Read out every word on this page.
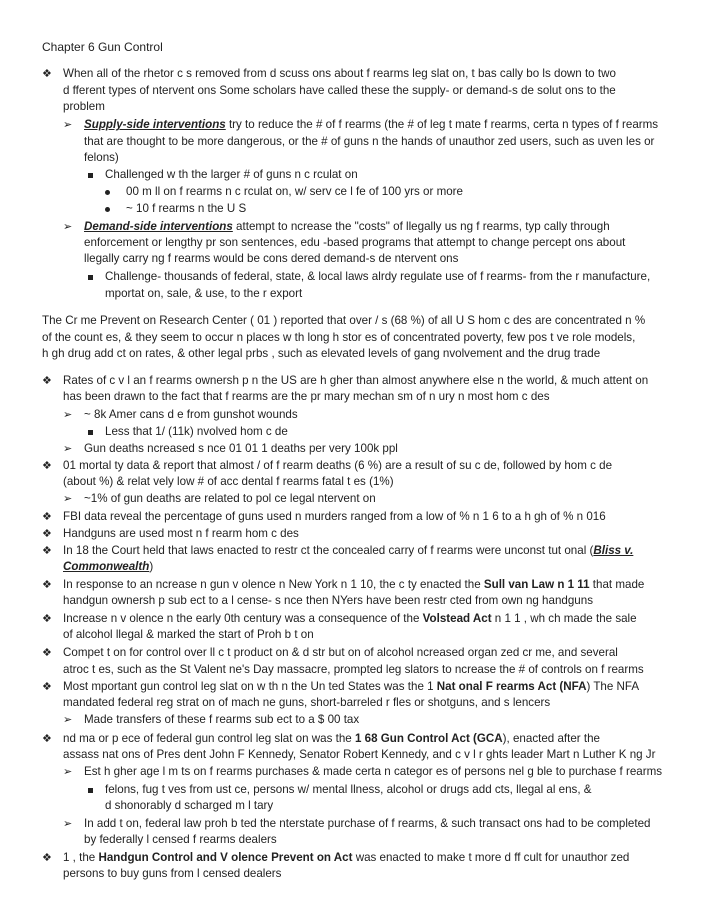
Chapter 6 Gun Control
❖ When all of the rhetor c s removed from d scuss ons about f rearms leg slat on, t bas cally bo ls down to two
d fferent types of ntervent ons Some scholars have called these the supply- or demand-s de solut ons to the
problem
➢ Supply-side interventions try to reduce the # of f rearms (the # of leg t mate f rearms, certa n types of f rearms
that are thought to be more dangerous, or the # of guns n the hands of unauthor zed users, such as uven les or
felons)
Challenged w th the larger # of guns n c rculat on
00 m ll on f rearms n c rculat on, w/ serv ce l fe of 100 yrs or more
~ 10 f rearms n the U S
➢ Demand-side interventions attempt to ncrease the "costs" of llegally us ng f rearms, typ cally through
enforcement or lengthy pr son sentences, edu -based programs that attempt to change percept ons about
llegally carry ng f rearms would be cons dered demand-s de ntervent ons
Challenge- thousands of federal, state, & local laws alrdy regulate use of f rearms- from the r manufacture,
mportat on, sale, & use, to the r export
The Cr me Prevent on Research Center ( 01 ) reported that over / s (68 %) of all U S hom c des are concentrated n %
of the count es, & they seem to occur n places w th long h stor es of concentrated poverty, few pos t ve role models,
h gh drug add ct on rates, & other legal prbs , such as elevated levels of gang nvolvement and the drug trade
❖ Rates of c v l an f rearms ownersh p n the US are h gher than almost anywhere else n the world, & much attent on
has been drawn to the fact that f rearms are the pr mary mechan sm of n ury n most hom c des
➢ ~ 8k Amer cans d e from gunshot wounds
Less that 1/ (11k) nvolved hom c de
➢ Gun deaths ncreased s nce 01 01 1 deaths per very 100k ppl
❖ 01 mortal ty data & report that almost / of f rearm deaths (6 %) are a result of su c de, followed by hom c de
(about %) & relat vely low # of acc dental f rearms fatal t es (1%)
➢ ~1% of gun deaths are related to pol ce legal ntervent on
❖ FBI data reveal the percentage of guns used n murders ranged from a low of % n 1 6 to a h gh of % n 016
❖ Handguns are used most n f rearm hom c des
❖ In 18 the Court held that laws enacted to restr ct the concealed carry of f rearms were unconst tut onal (Bliss v.
Commonwealth)
❖ In response to an ncrease n gun v olence n New York n 1 10, the c ty enacted the Sull van Law n 1 11 that made
handgun ownersh p sub ect to a l cense- s nce then NYers have been restr cted from own ng handguns
❖ Increase n v olence n the early 0th century was a consequence of the Volstead Act n 1 1 , wh ch made the sale
of alcohol llegal & marked the start of Proh b t on
❖ Compet t on for control over ll c t product on & d str but on of alcohol ncreased organ zed cr me, and several
atroc t es, such as the St Valent ne's Day massacre, prompted leg slators to ncrease the # of controls on f rearms
❖ Most mportant gun control leg slat on w th n the Un ted States was the 1 Nat onal F rearms Act (NFA) The NFA
mandated federal reg strat on of mach ne guns, short-barreled r fles or shotguns, and s lencers
➢ Made transfers of these f rearms sub ect to a $ 00 tax
❖ nd ma or p ece of federal gun control leg slat on was the 1 68 Gun Control Act (GCA), enacted after the
assass nat ons of Pres dent John F Kennedy, Senator Robert Kennedy, and c v l r ghts leader Mart n Luther K ng Jr
➢ Est h gher age l m ts on f rearms purchases & made certa n categor es of persons nel g ble to purchase f rearms
felons, fug t ves from ust ce, persons w/ mental llness, alcohol or drugs add cts, llegal al ens, &
d shonorably d scharged m l tary
➢ In add t on, federal law proh b ted the nterstate purchase of f rearms, & such transact ons had to be completed
by federally l censed f rearms dealers
❖ 1 , the Handgun Control and V olence Prevent on Act was enacted to make t more d ff cult for unauthor zed
persons to buy guns from l censed dealers
